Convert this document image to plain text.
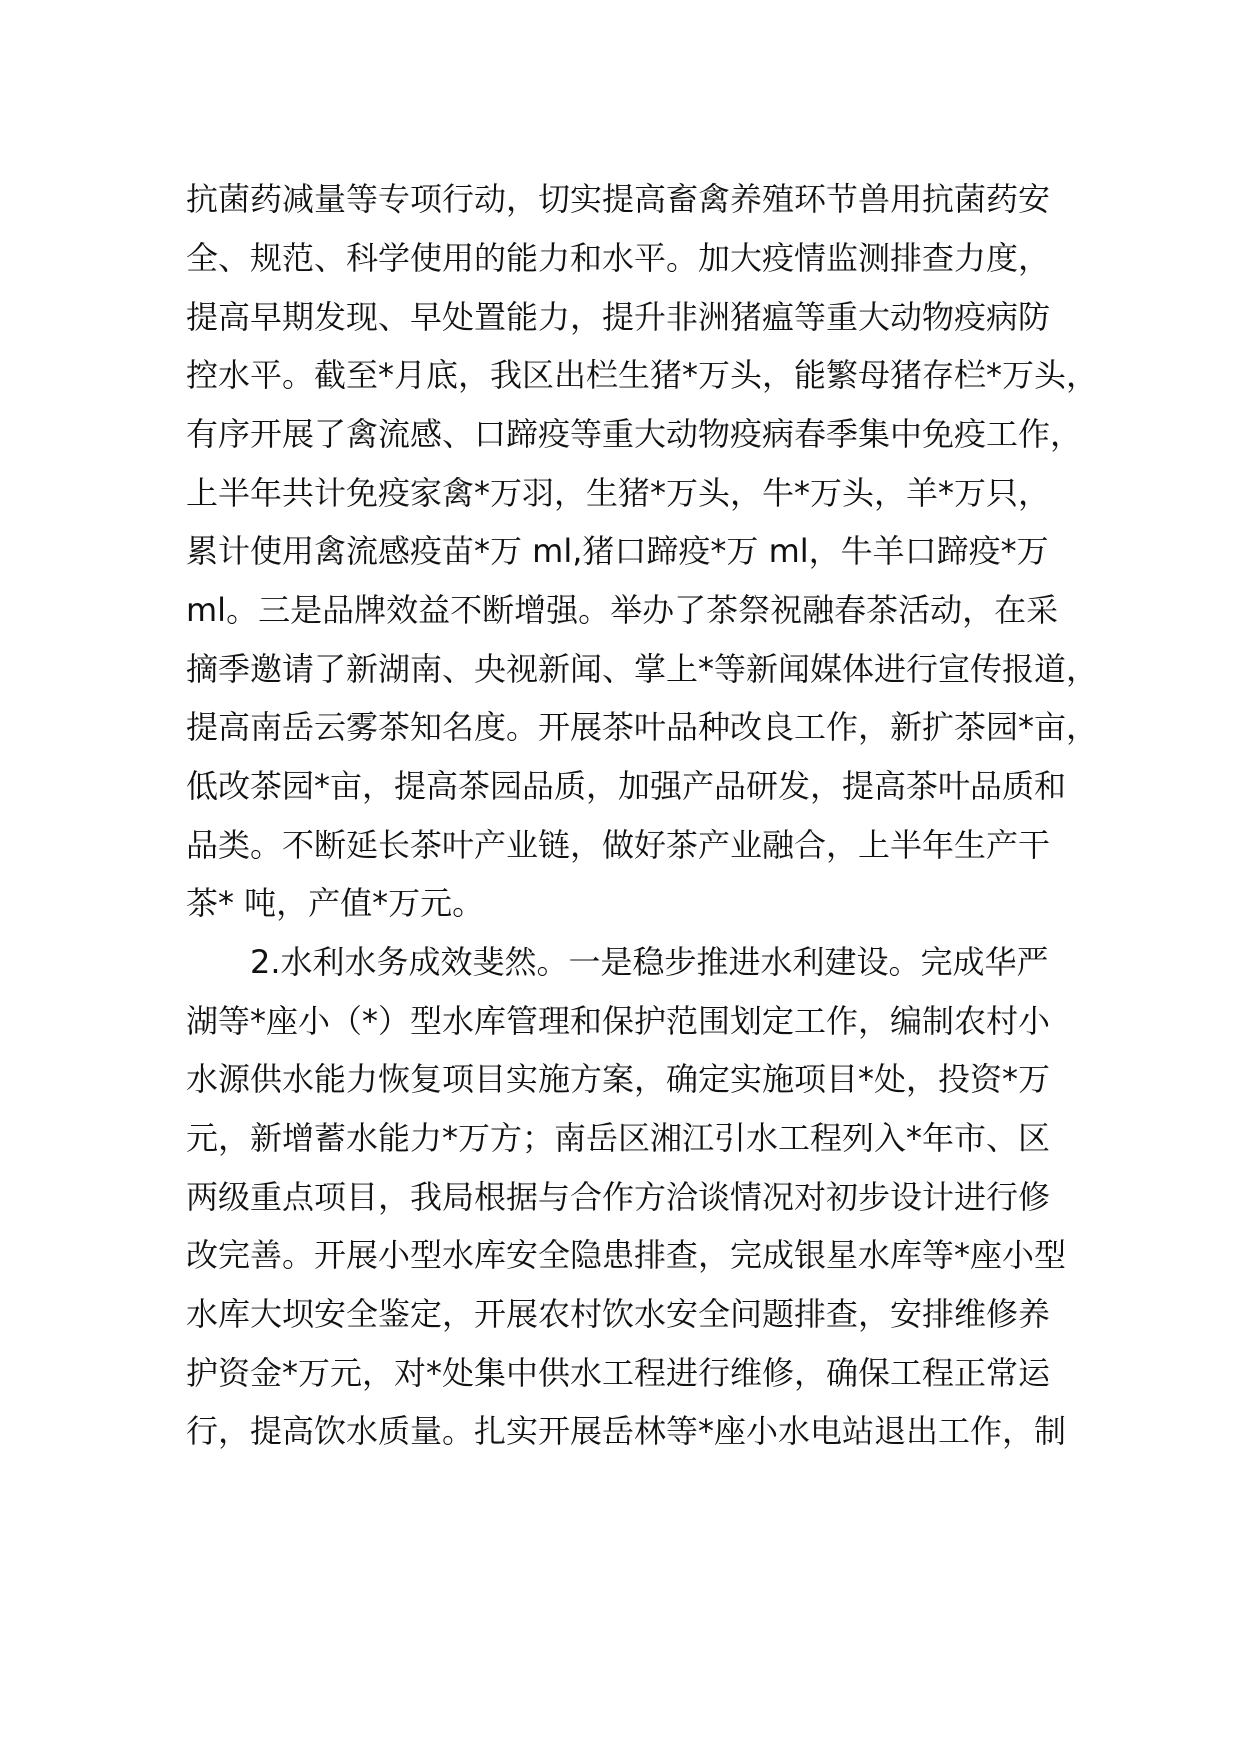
抗菌药减量等专项行动，切实提高畜禽养殖环节兽用抗菌药安
全、规范、科学使用的能力和水平。加大疫情监测排查力度，
提高早期发现、早处置能力，提升非洲猪瘟等重大动物疫病防
控水平。截至*月底，我区出栏生猪*万头，能繁母猪存栏*万头，
有序开展了禽流感、口蹄疫等重大动物疫病春季集中免疫工作，
上半年共计免疫家禽*万羽，生猪*万头，牛*万头，羊*万只，
累计使用禽流感疫苗*万 ml,猪口蹄疫*万 ml，牛羊口蹄疫*万
ml。三是品牌效益不断增强。举办了茶祭祝融春茶活动，在采
摘季邀请了新湖南、央视新闻、掌上*等新闻媒体进行宣传报道，
提高南岳云雾茶知名度。开展茶叶品种改良工作，新扩茶园*亩，
低改茶园*亩，提高茶园品质，加强产品研发，提高茶叶品质和
品类。不断延长茶叶产业链，做好茶产业融合，上半年生产干
茶* 吨，产值*万元。
2.水利水务成效斐然。一是稳步推进水利建设。完成华严
湖等*座小（*）型水库管理和保护范围划定工作，编制农村小
水源供水能力恢复项目实施方案，确定实施项目*处，投资*万
元，新增蓄水能力*万方；南岳区湘江引水工程列入*年市、区
两级重点项目，我局根据与合作方洽谈情况对初步设计进行修
改完善。开展小型水库安全隐患排查，完成银星水库等*座小型
水库大坝安全鉴定，开展农村饮水安全问题排查，安排维修养
护资金*万元，对*处集中供水工程进行维修，确保工程正常运
行，提高饮水质量。扎实开展岳林等*座小水电站退出工作，制
